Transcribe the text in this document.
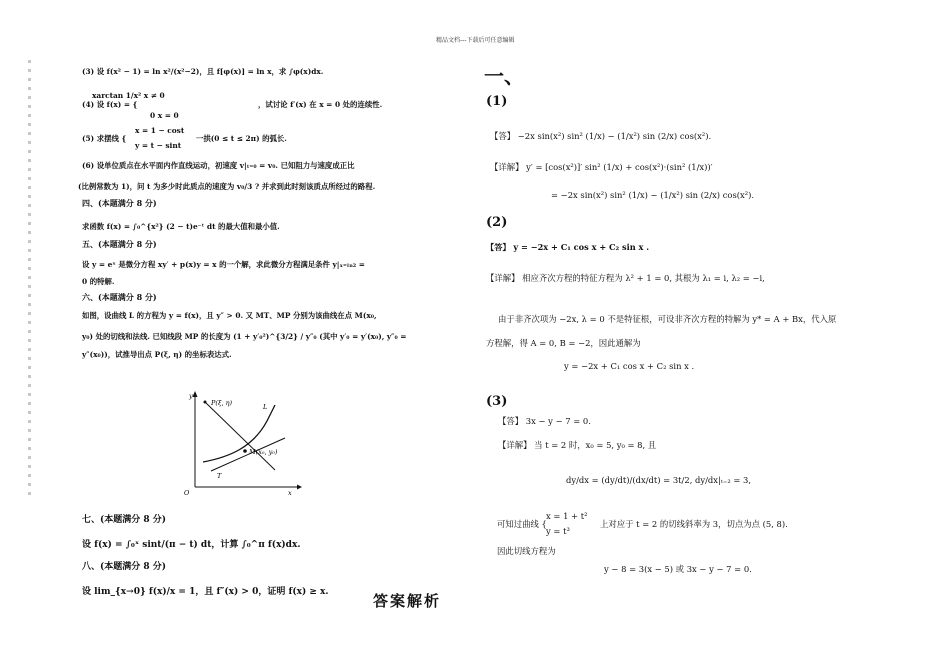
精品文档---下载后可任意编辑
(3) 设 f(x² − 1) = ln x²/(x²−2)，且 f[φ(x)] = ln x，求 ∫φ(x)dx.
xarctan 1/x² x ≠ 0
(4) 设 f(x) = {	，试讨论 f′(x) 在 x = 0 处的连续性.
0 x = 0
x = 1 − cost
(5) 求摆线 {	一拱(0 ≤ t ≤ 2π) 的弧长.
y = t − sint
(6) 设单位质点在水平面内作直线运动，初速度 v|ₜ₌₀ = v₀. 已知阻力与速度成正比
(比例常数为 1)，问 t 为多少时此质点的速度为 v₀/3 ? 并求到此时刻该质点所经过的路程.
四、(本题满分 8 分)
求函数 f(x) = ∫₀^{x²} (2 − t)e⁻ᵗ dt 的最大值和最小值.
五、(本题满分 8 分)
设 y = eˣ 是微分方程 xy′ + p(x)y = x 的一个解，求此微分方程满足条件 y|ₓ₌ₗₙ₂ =
0 的特解.
六、(本题满分 8 分)
如图，设曲线 L 的方程为 y = f(x)，且 y″ > 0. 又 MT、MP 分别为该曲线在点 M(x₀,
y₀) 处的切线和法线. 已知线段 MP 的长度为 (1 + y′₀²)^{3/2} / y″₀ (其中 y′₀ = y′(x₀), y″₀ =
y″(x₀))，试推导出点 P(ξ, η) 的坐标表达式.
y
P(ξ, η)	L
M(x₀, y₀)
T
O	x
七、(本题满分 8 分)
设 f(x) = ∫₀ˣ sint/(π − t) dt，计算 ∫₀^π f(x)dx.
八、(本题满分 8 分)
设 lim_{x→0} f(x)/x = 1，且 f″(x) > 0，证明 f(x) ≥ x.	答案解析
一、
(1)
【答】 −2x sin(x²) sin² (1/x) − (1/x²) sin (2/x) cos(x²).
【详解】 y′ = [cos(x²)]′ sin² (1/x) + cos(x²)·(sin² (1/x))′
= −2x sin(x²) sin² (1/x) − (1/x²) sin (2/x) cos(x²).
(2)
【答】 y = −2x + C₁ cos x + C₂ sin x .
【详解】 相应齐次方程的特征方程为 λ² + 1 = 0, 其根为 λ₁ = i, λ₂ = −i,
由于非齐次项为 −2x, λ = 0 不是特征根，可设非齐次方程的特解为 y* = A + Bx，代入原
方程解，得 A = 0, B = −2，因此通解为
y = −2x + C₁ cos x + C₂ sin x .
(3)
【答】 3x − y − 7 = 0.
【详解】 当 t = 2 时，x₀ = 5, y₀ = 8, 且
dy/dx = (dy/dt)/(dx/dt) = 3t/2, dy/dx|ₜ₌₂ = 3,
x = 1 + t²
可知过曲线 {	上对应于 t = 2 的切线斜率为 3，切点为点 (5, 8).
y = t³
因此切线方程为
y − 8 = 3(x − 5) 或 3x − y − 7 = 0.
